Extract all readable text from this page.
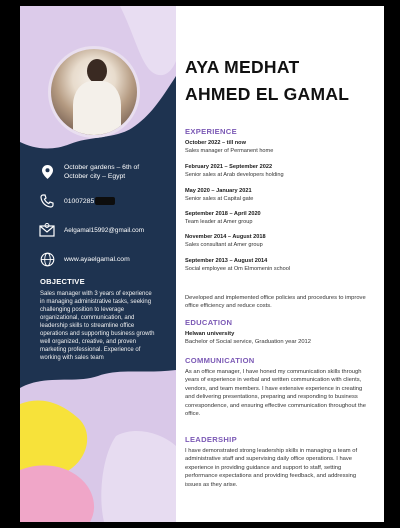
October gardens – 6th of
October city – Egypt
01007285
Aelgamal15992@gmail.com
www.ayaelgamal.com
OBJECTIVE
Sales manager with 3 years of experience in managing administrative tasks, seeking challenging position to leverage organizational, communication, and leadership skills to streamline office operations and supporting business growth well organized, creative, and proven marketing professional. Experience of working with sales team
AYA MEDHAT
AHMED EL GAMAL
EXPERIENCE
October 2022 – till now
Sales manager of Permanent home
February 2021 – September 2022
Senior sales at Arab developers holding
May 2020 – January 2021
Senior sales at Capital gate
September 2018 – April 2020
Team leader at Amer group
November 2014 – August 2018
Sales consultant at Amer group
September 2013 – August 2014
Social employee at Om Elmomenin school
Developed and implemented office policies and procedures to improve office efficiency and reduce costs.
EDUCATION
Helwan university
Bachelor of Social service, Graduation year 2012
COMMUNICATION
As an office manager, I have honed my communication skills through years of experience in verbal and written communication with clients, vendors, and team members. I have extensive experience in creating and delivering presentations, preparing and responding to business correspondence, and ensuring effective communication throughout the office.
LEADERSHIP
I have demonstrated strong leadership skills in managing a team of administrative staff and supervising daily office operations. I have experience in providing guidance and support to staff, setting performance expectations and providing feedback, and addressing issues as they arise.
